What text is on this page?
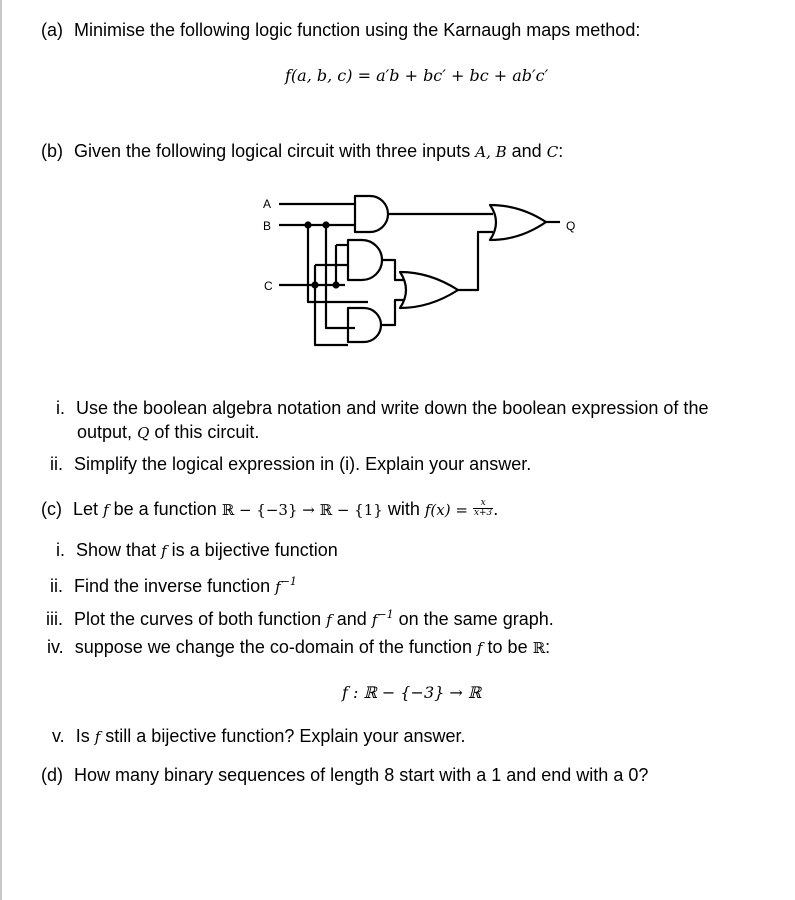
(a) Minimise the following logic function using the Karnaugh maps method:
f(a, b, c) = a′b + bc′ + bc + ab′c′
(b) Given the following logical circuit with three inputs A, B and C:
A
B
C
Q
i. Use the boolean algebra notation and write down the boolean expression of the
output, Q of this circuit.
ii. Simplify the logical expression in (i). Explain your answer.
(c) Let f be a function ℝ − {−3} → ℝ − {1} with $f(x) = \frac{x}{x+3}$ .
i. Show that f is a bijective function
ii. Find the inverse function $f^{-1}$
iii. Plot the curves of both function f and $f^{-1}$ on the same graph.
iv. suppose we change the co-domain of the function f to be ℝ:
f : ℝ − {−3} → ℝ
v. Is f still a bijective function? Explain your answer.
(d) How many binary sequences of length 8 start with a 1 and end with a 0?
